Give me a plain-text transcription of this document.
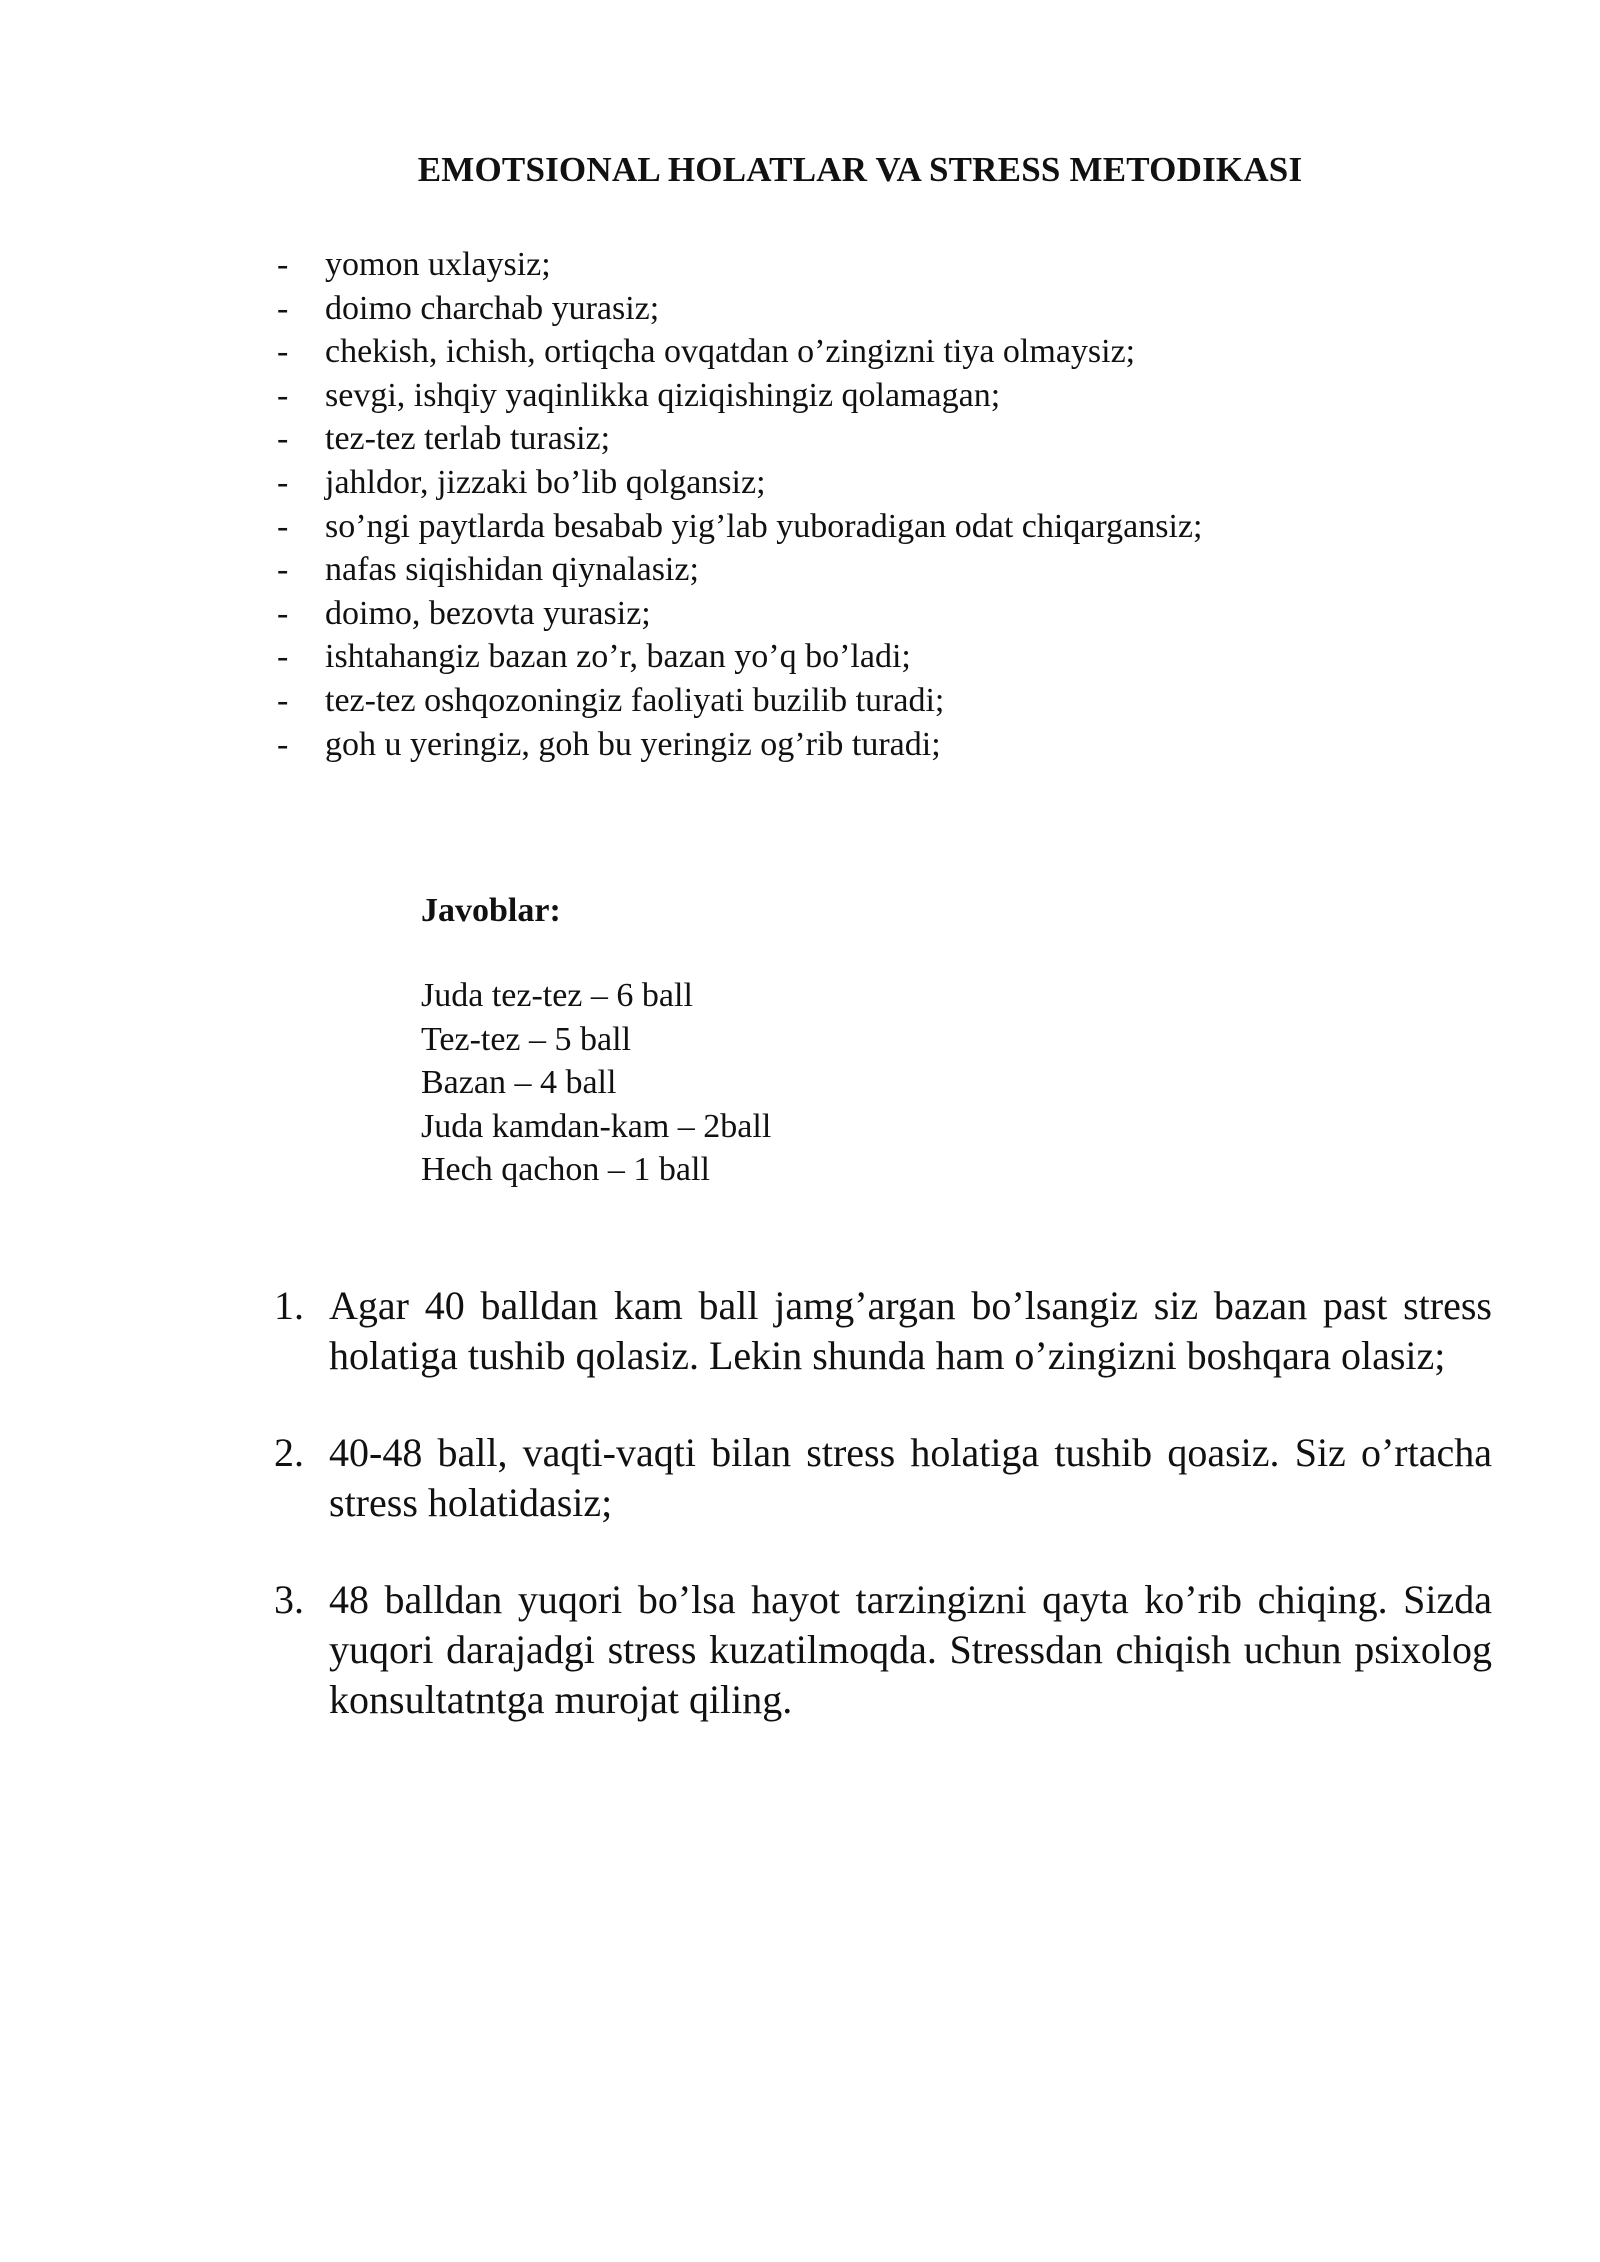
EMOTSIONAL HOLATLAR VA STRESS METODIKASI
- yomon uxlaysiz;
- doimo charchab yurasiz;
- chekish, ichish, ortiqcha ovqatdan o’zingizni tiya olmaysiz;
- sevgi, ishqiy yaqinlikka qiziqishingiz qolamagan;
- tez-tez terlab turasiz;
- jahldor, jizzaki bo’lib qolgansiz;
- so’ngi paytlarda besabab yig’lab yuboradigan odat chiqargansiz;
- nafas siqishidan qiynalasiz;
- doimo, bezovta yurasiz;
- ishtahangiz bazan zo’r, bazan yo’q bo’ladi;
- tez-tez oshqozoningiz faoliyati buzilib turadi;
- goh u yeringiz, goh bu yeringiz og’rib turadi;
Javoblar:
Juda tez-tez – 6 ball
Tez-tez – 5 ball
Bazan – 4 ball
Juda kamdan-kam – 2ball
Hech qachon – 1 ball
1. Agar 40 balldan kam ball jamg’argan bo’lsangiz siz bazan past stress holatiga tushib qolasiz. Lekin shunda ham o’zingizni boshqara olasiz;
2. 40-48 ball, vaqti-vaqti bilan stress holatiga tushib qoasiz. Siz o’rtacha stress holatidasiz;
3. 48 balldan yuqori bo’lsa hayot tarzingizni qayta ko’rib chiqing. Sizda yuqori darajadgi stress kuzatilmoqda. Stressdan chiqish uchun psixolog konsultatntga murojat qiling.
